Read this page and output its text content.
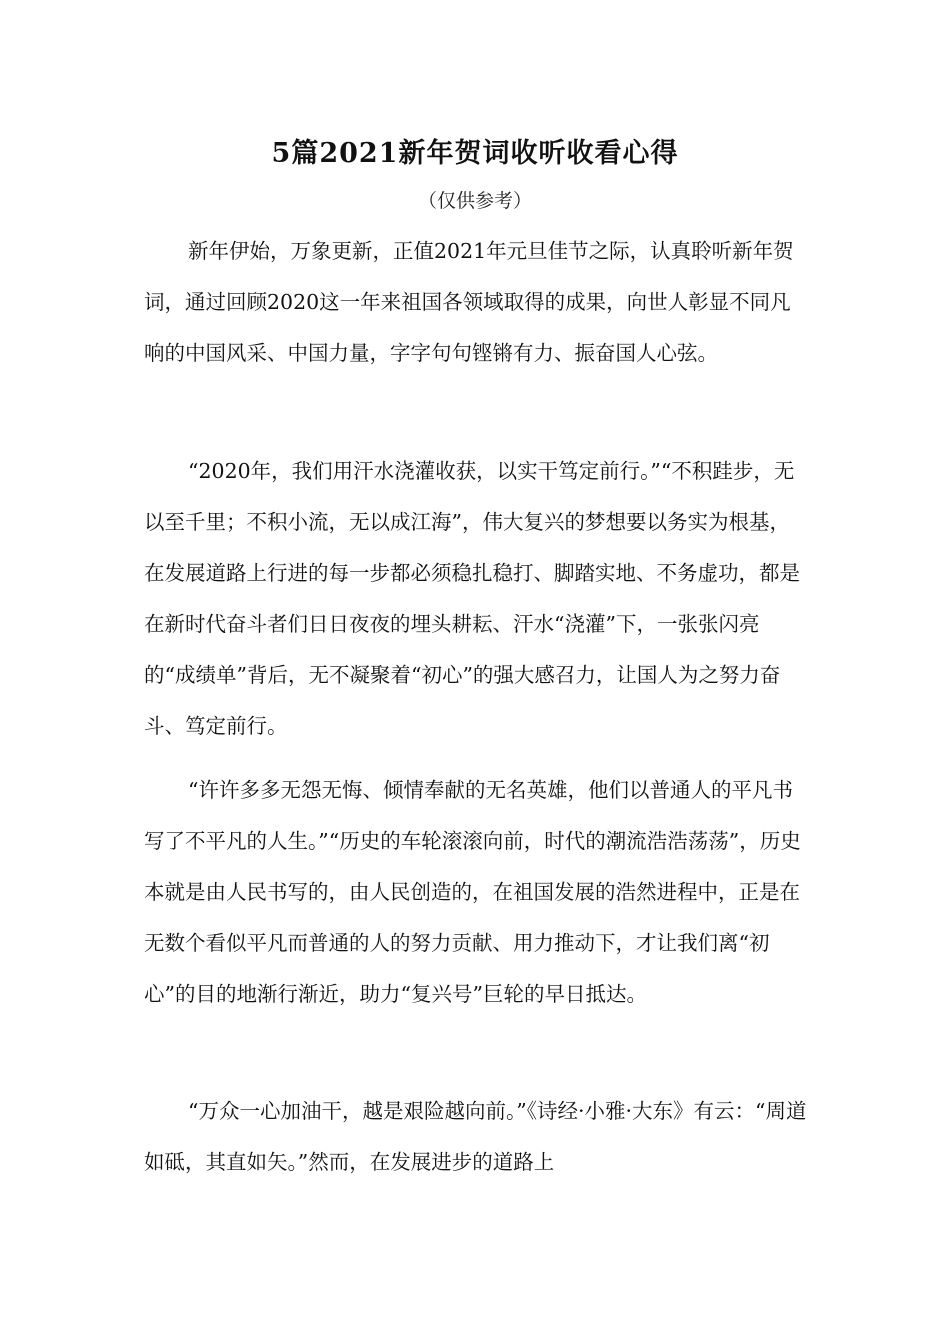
5篇2021新年贺词收听收看心得
（仅供参考）

新年伊始，万象更新，正值2021年元旦佳节之际，认真聆听新年贺词，通过回顾2020这一年来祖国各领域取得的成果，向世人彰显不同凡响的中国风采、中国力量，字字句句铿锵有力、振奋国人心弦。

“2020年，我们用汗水浇灌收获，以实干笃定前行。”“不积跬步，无以至千里；不积小流，无以成江海”，伟大复兴的梦想要以务实为根基，在发展道路上行进的每一步都必须稳扎稳打、脚踏实地、不务虚功，都是在新时代奋斗者们日日夜夜的埋头耕耘、汗水“浇灌”下，一张张闪亮的“成绩单”背后，无不凝聚着“初心”的强大感召力，让国人为之努力奋斗、笃定前行。

“许许多多无怨无悔、倾情奉献的无名英雄，他们以普通人的平凡书写了不平凡的人生。”“历史的车轮滚滚向前，时代的潮流浩浩荡荡”，历史本就是由人民书写的，由人民创造的，在祖国发展的浩然进程中，正是在无数个看似平凡而普通的人的努力贡献、用力推动下，才让我们离“初心”的目的地渐行渐近，助力“复兴号”巨轮的早日抵达。

“万众一心加油干，越是艰险越向前。”《诗经·小雅·大东》有云：“周道如砥，其直如矢。”然而，在发展进步的道路上
